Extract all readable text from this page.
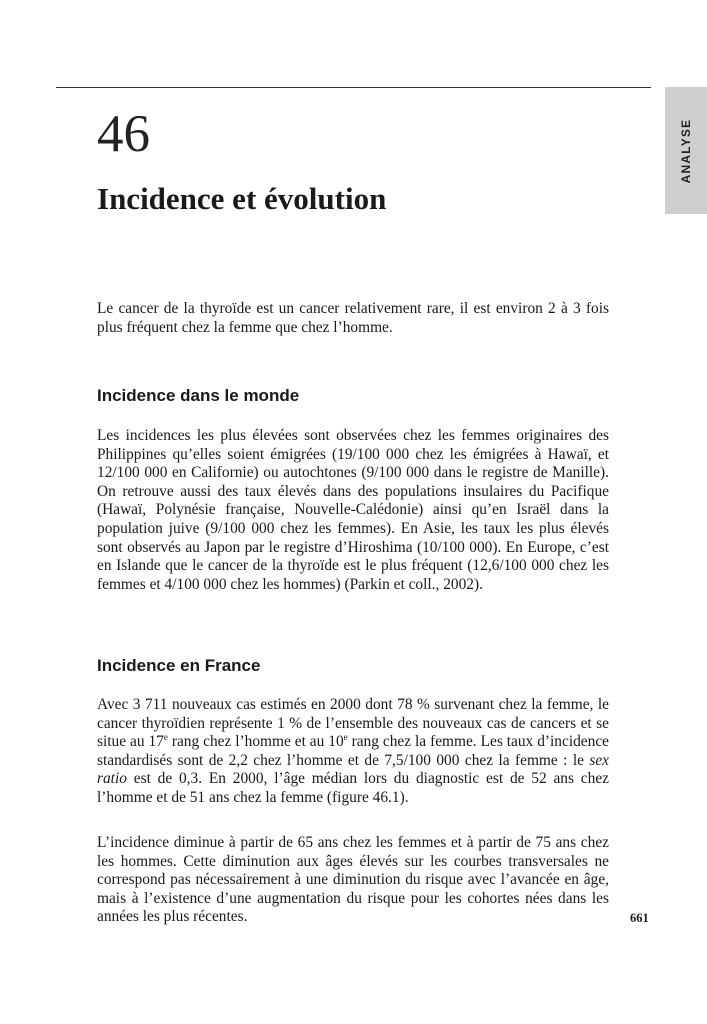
ANALYSE
46
Incidence et évolution

Le cancer de la thyroïde est un cancer relativement rare, il est environ 2 à 3 fois plus fréquent chez la femme que chez l’homme.

Incidence dans le monde

Les incidences les plus élevées sont observées chez les femmes originaires des Philippines qu’elles soient émigrées (19/100 000 chez les émigrées à Hawaï, et 12/100 000 en Californie) ou autochtones (9/100 000 dans le registre de Manille). On retrouve aussi des taux élevés dans des populations insulaires du Pacifique (Hawaï, Polynésie française, Nouvelle-Calédonie) ainsi qu’en Israël dans la population juive (9/100 000 chez les femmes). En Asie, les taux les plus élevés sont observés au Japon par le registre d’Hiroshima (10/100 000). En Europe, c’est en Islande que le cancer de la thyroïde est le plus fréquent (12,6/100 000 chez les femmes et 4/100 000 chez les hommes) (Parkin et coll., 2002).

Incidence en France

Avec 3 711 nouveaux cas estimés en 2000 dont 78 % survenant chez la femme, le cancer thyroïdien représente 1 % de l’ensemble des nouveaux cas de cancers et se situe au 17e rang chez l’homme et au 10e rang chez la femme. Les taux d’incidence standardisés sont de 2,2 chez l’homme et de 7,5/100 000 chez la femme : le sex ratio est de 0,3. En 2000, l’âge médian lors du diagnostic est de 52 ans chez l’homme et de 51 ans chez la femme (figure 46.1).

L’incidence diminue à partir de 65 ans chez les femmes et à partir de 75 ans chez les hommes. Cette diminution aux âges élevés sur les courbes transversales ne correspond pas nécessairement à une diminution du risque avec l’avancée en âge, mais à l’existence d’une augmentation du risque pour les cohortes nées dans les années les plus récentes.	661
